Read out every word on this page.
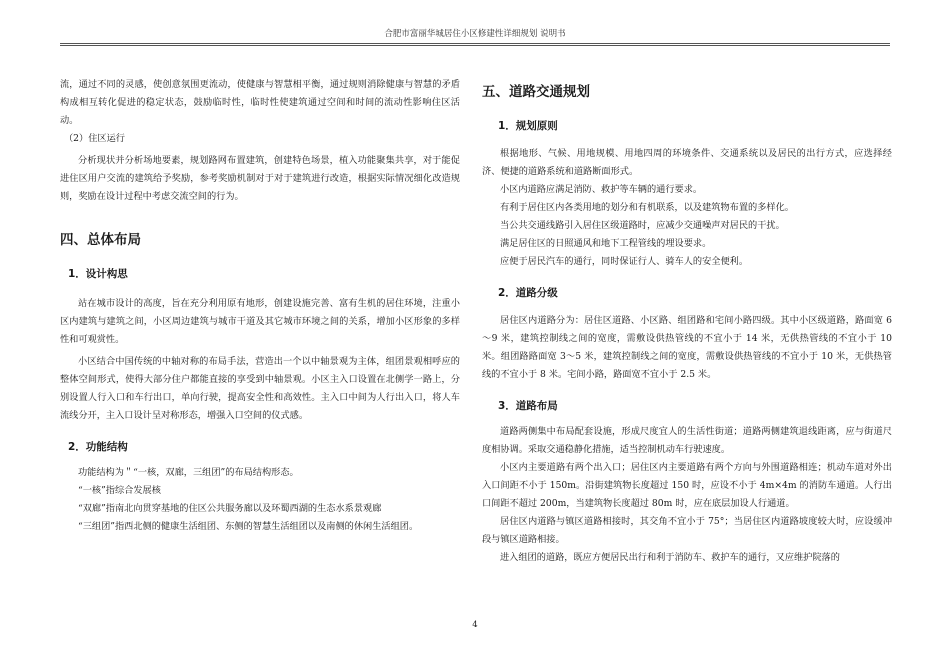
合肥市富丽华城居住小区修建性详细规划 说明书

流，通过不同的灵感，使创意氛围更流动，使健康与智慧相平衡，通过规则消除健康与智慧的矛盾构成相互转化促进的稳定状态，鼓励临时性，临时性使建筑通过空间和时间的流动性影响住区活动。

（2）住区运行

分析现状并分析场地要素，规划路网布置建筑，创建特色场景，植入功能聚集共享，对于能促进住区用户交流的建筑给予奖励，参考奖励机制对于对于建筑进行改造，根据实际情况细化改造规则，奖励在设计过程中考虑交流空间的行为。

四、总体布局
1．设计构思

站在城市设计的高度，旨在充分利用原有地形，创建设施完善、富有生机的居住环境，注重小区内建筑与建筑之间，小区周边建筑与城市干道及其它城市环境之间的关系，增加小区形象的多样性和可观赏性。

小区结合中国传统的中轴对称的布局手法，营造出一个以中轴景观为主体，组团景观相呼应的整体空间形式，使得大部分住户都能直接的享受到中轴景观。小区主入口设置在北侧学一路上，分别设置人行入口和车行出口，单向行驶，提高安全性和高效性。主入口中间为人行出入口，将人车流线分开，主入口设计呈对称形态，增强入口空间的仪式感。

2．功能结构

功能结构为＂“一核，双廊，三组团”的布局结构形态。

“一核”指综合发展核

“双廊”指南北向贯穿基地的住区公共服务廊以及环蜀西湖的生态水系景观廊

“三组团”指西北侧的健康生活组团、东侧的智慧生活组团以及南侧的休闲生活组团。

五、道路交通规划
1．规划原则

根据地形、气候、用地规模、用地四周的环境条件、交通系统以及居民的出行方式，应选择经济、便捷的道路系统和道路断面形式。

小区内道路应满足消防、救护等车辆的通行要求。

有利于居住区内各类用地的划分和有机联系，以及建筑物布置的多样化。

当公共交通线路引入居住区级道路时，应减少交通噪声对居民的干扰。

满足居住区的日照通风和地下工程管线的埋设要求。

应便于居民汽车的通行，同时保证行人、骑车人的安全便利。

2．道路分级

居住区内道路分为：居住区道路、小区路、组团路和宅间小路四级。其中小区级道路，路面宽 6～9 米，建筑控制线之间的宽度，需敷设供热管线的不宜小于 14 米，无供热管线的不宜小于 10 米。组团路路面宽 3～5 米，建筑控制线之间的宽度，需敷设供热管线的不宜小于 10 米，无供热管线的不宜小于 8 米。宅间小路，路面宽不宜小于 2.5 米。

3．道路布局

道路两侧集中布局配套设施，形成尺度宜人的生活性街道；道路两侧建筑退线距离，应与街道尺度相协调。采取交通稳静化措施，适当控制机动车行驶速度。

小区内主要道路有两个出入口；居住区内主要道路有两个方向与外围道路相连；机动车道对外出入口间距不小于 150m。沿街建筑物长度超过 150 时，应设不小于 4m×4m 的消防车通道。人行出口间距不超过 200m，当建筑物长度超过 80m 时，应在底层加设人行通道。

居住区内道路与镇区道路相接时，其交角不宜小于 75°；当居住区内道路坡度较大时，应设缓冲段与镇区道路相接。

进入组团的道路，既应方便居民出行和利于消防车、救护车的通行，又应维护院落的

4
